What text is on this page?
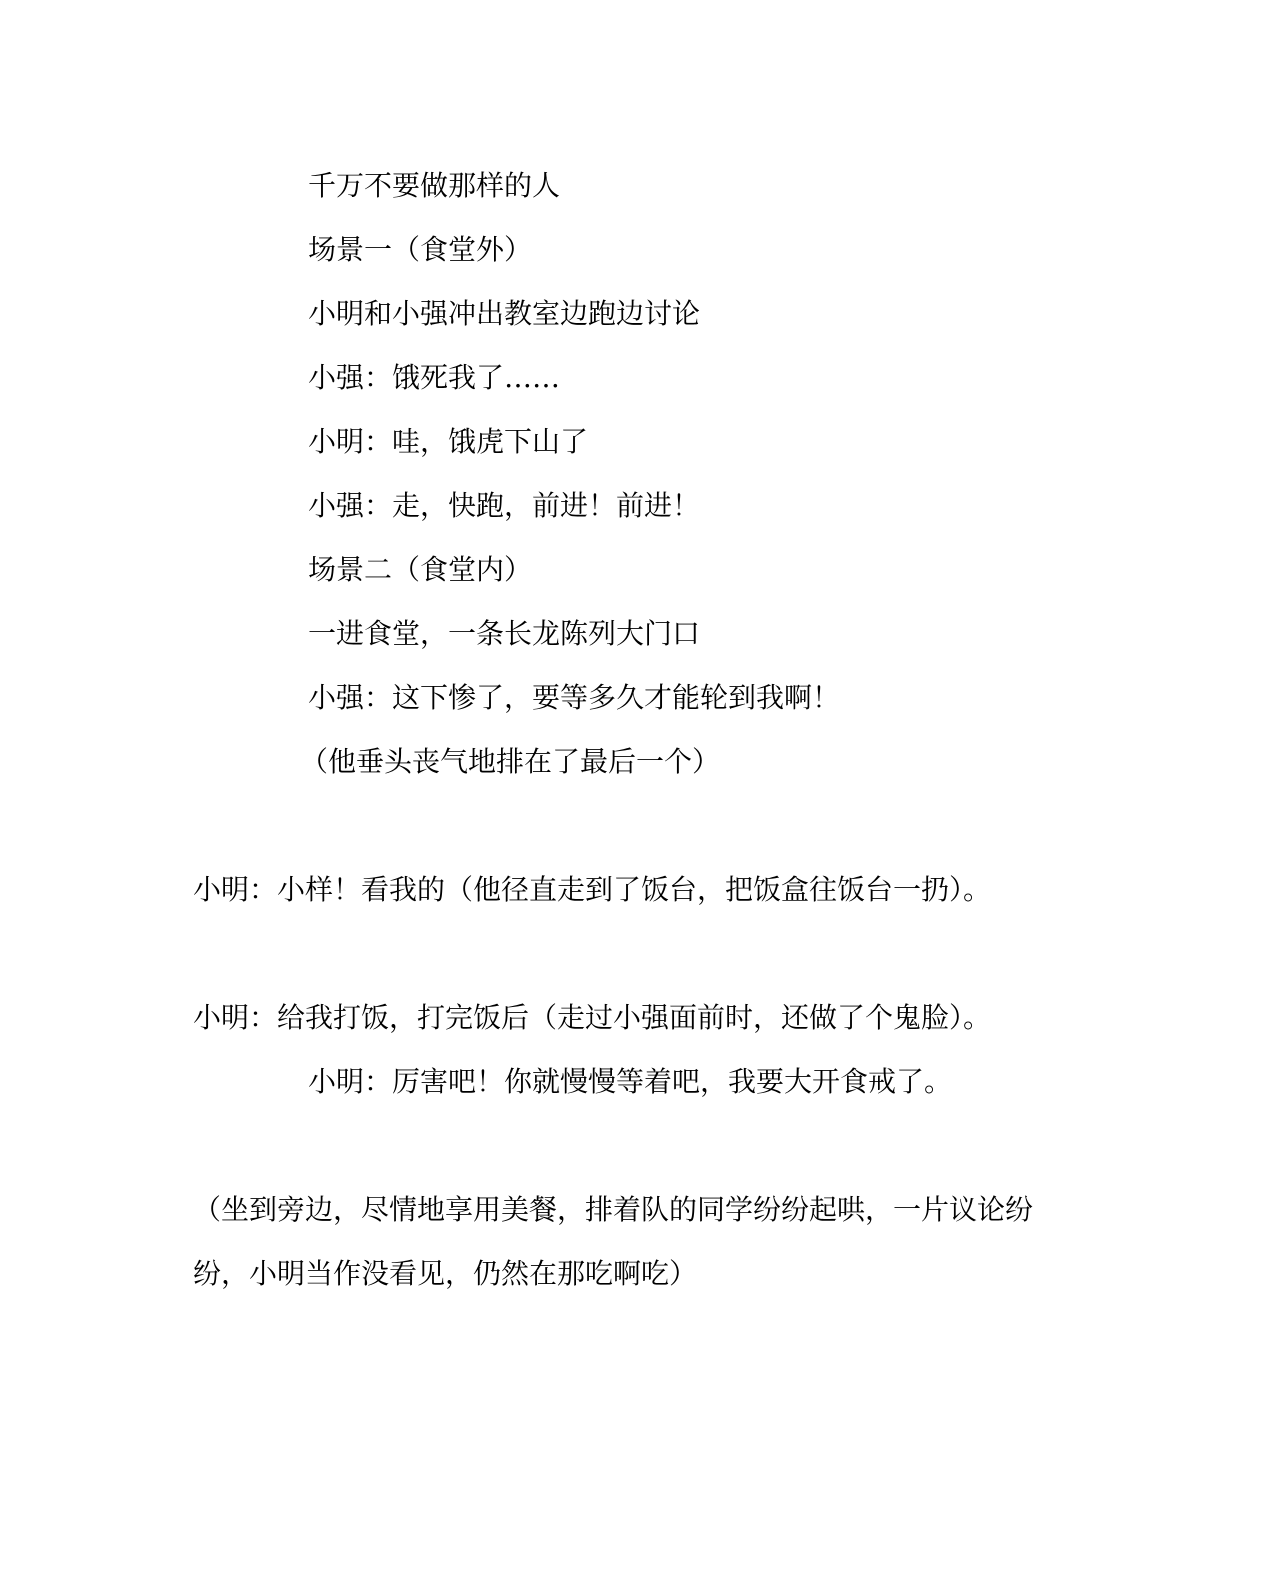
千万不要做那样的人

场景一（食堂外）

小明和小强冲出教室边跑边讨论

小强：饿死我了……

小明：哇，饿虎下山了

小强：走，快跑，前进！前进！

场景二（食堂内）

一进食堂，一条长龙陈列大门口

小强：这下惨了，要等多久才能轮到我啊！

（他垂头丧气地排在了最后一个）

小明：小样！看我的（他径直走到了饭台，把饭盒往饭台一扔）。

小明：给我打饭，打完饭后（走过小强面前时，还做了个鬼脸）。

小明：厉害吧！你就慢慢等着吧，我要大开食戒了。

（坐到旁边，尽情地享用美餐，排着队的同学纷纷起哄，一片议论纷

纷，小明当作没看见，仍然在那吃啊吃）
